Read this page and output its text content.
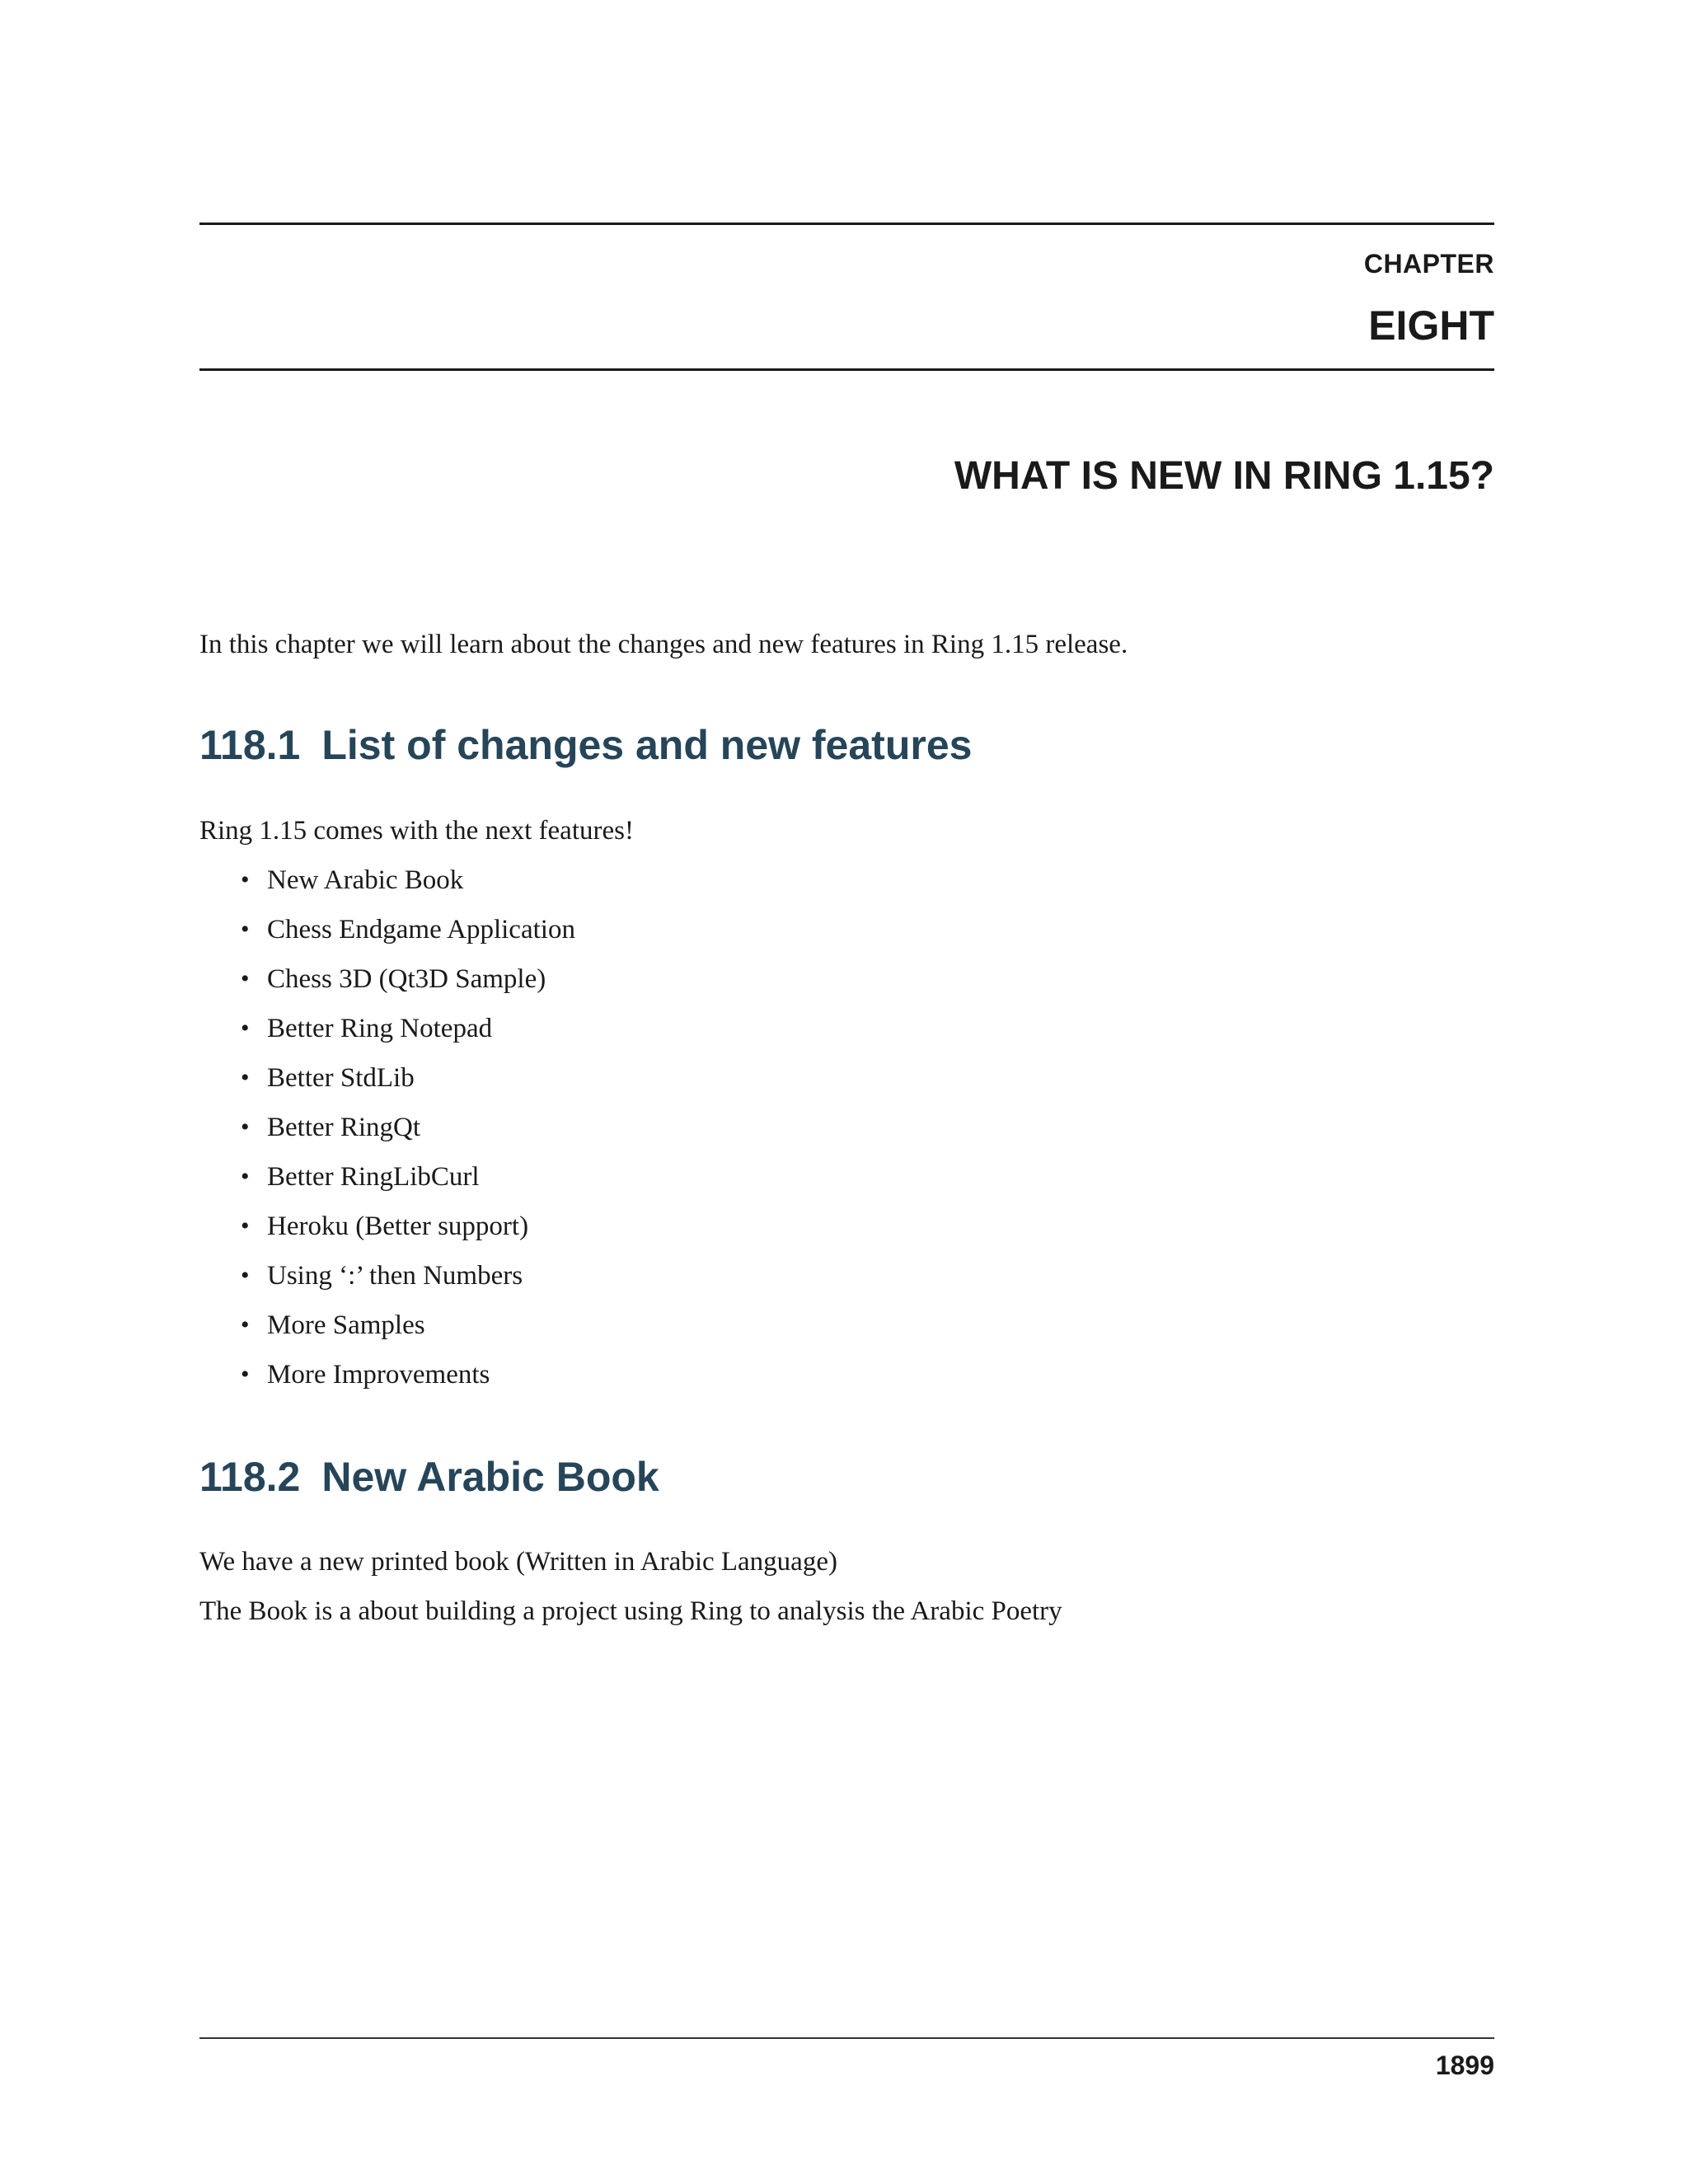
CHAPTER
EIGHT
WHAT IS NEW IN RING 1.15?
In this chapter we will learn about the changes and new features in Ring 1.15 release.
118.1 List of changes and new features
Ring 1.15 comes with the next features!
• New Arabic Book
• Chess Endgame Application
• Chess 3D (Qt3D Sample)
• Better Ring Notepad
• Better StdLib
• Better RingQt
• Better RingLibCurl
• Heroku (Better support)
• Using ‘:’ then Numbers
• More Samples
• More Improvements
118.2 New Arabic Book
We have a new printed book (Written in Arabic Language)
The Book is a about building a project using Ring to analysis the Arabic Poetry
1899
